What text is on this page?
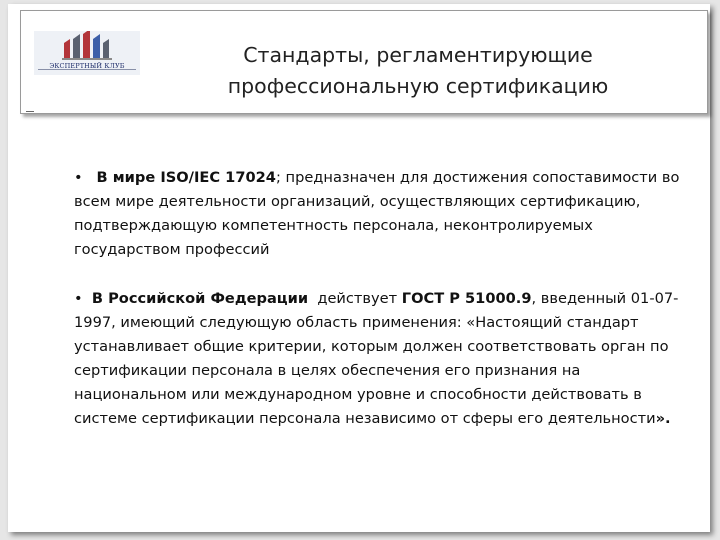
ЭКСПЕРТНЫЙ КЛУБ	Стандарты, регламентирующие
профессиональную сертификацию

• В мире ISO/IEC 17024; предназначен для достижения сопоставимости во всем мире деятельности организаций, осуществляющих сертификацию, подтверждающую компетентность персонала, неконтролируемых государством профессий

• В Российской Федерации  действует ГОСТ Р 51000.9, введенный 01-07-1997, имеющий следующую область применения: «Настоящий стандарт устанавливает общие критерии, которым должен соответствовать орган по сертификации персонала в целях обеспечения его признания на национальном или международном уровне и способности действовать в системе сертификации персонала независимо от сферы его деятельности».
